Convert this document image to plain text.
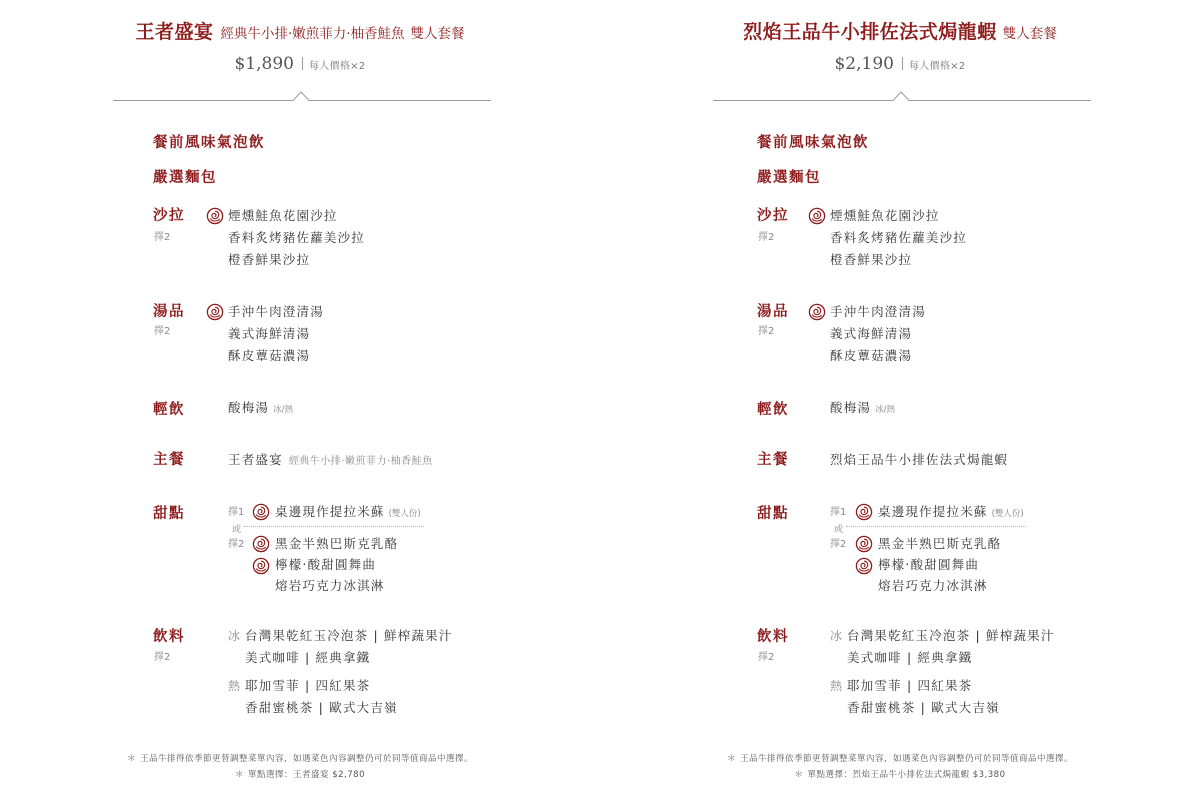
王者盛宴 經典牛小排‧嫩煎菲力‧柚香鮭魚 雙人套餐
$1,890 每人價格×2
餐前風味氣泡飲
嚴選麵包
沙拉
擇2
煙燻鮭魚花園沙拉
香料炙烤豬佐蘿美沙拉
橙香鮮果沙拉
湯品
擇2
手沖牛肉澄清湯
義式海鮮清湯
酥皮蕈菇濃湯
輕飲	酸梅湯 冰/熱
主餐	王者盛宴 經典牛小排‧嫩煎菲力‧柚香鮭魚
甜點	擇1 桌邊現作提拉米蘇 (雙人份)
或
擇2 黑金半熟巴斯克乳酪
檸檬‧酸甜圓舞曲
熔岩巧克力冰淇淋
飲料
擇2
冰 台灣果乾紅玉冷泡茶 | 鮮榨蔬果汁
美式咖啡 | 經典拿鐵
熱 耶加雪菲 | 四紅果茶
香甜蜜桃茶 | 歐式大吉嶺
＊ 王品牛排得依季節更替調整菜單內容，如遇菜色內容調整仍可於同等值商品中選擇。
＊ 單點選擇：王者盛宴 $2,780
烈焰王品牛小排佐法式焗龍蝦 雙人套餐
$2,190 每人價格×2
餐前風味氣泡飲
嚴選麵包
沙拉
擇2
煙燻鮭魚花園沙拉
香料炙烤豬佐蘿美沙拉
橙香鮮果沙拉
湯品
擇2
手沖牛肉澄清湯
義式海鮮清湯
酥皮蕈菇濃湯
輕飲	酸梅湯 冰/熱
主餐	烈焰王品牛小排佐法式焗龍蝦
甜點	擇1	桌邊現作提拉米蘇 (雙人份)
或
擇2	黑金半熟巴斯克乳酪
檸檬‧酸甜圓舞曲
熔岩巧克力冰淇淋
飲料
擇2
冰 台灣果乾紅玉冷泡茶 | 鮮榨蔬果汁
美式咖啡 | 經典拿鐵
熱 耶加雪菲 | 四紅果茶
香甜蜜桃茶 | 歐式大吉嶺
＊ 王品牛排得依季節更替調整菜單內容，如遇菜色內容調整仍可於同等值商品中選擇。
＊ 單點選擇：烈焰王品牛小排佐法式焗龍蝦 $3,380
